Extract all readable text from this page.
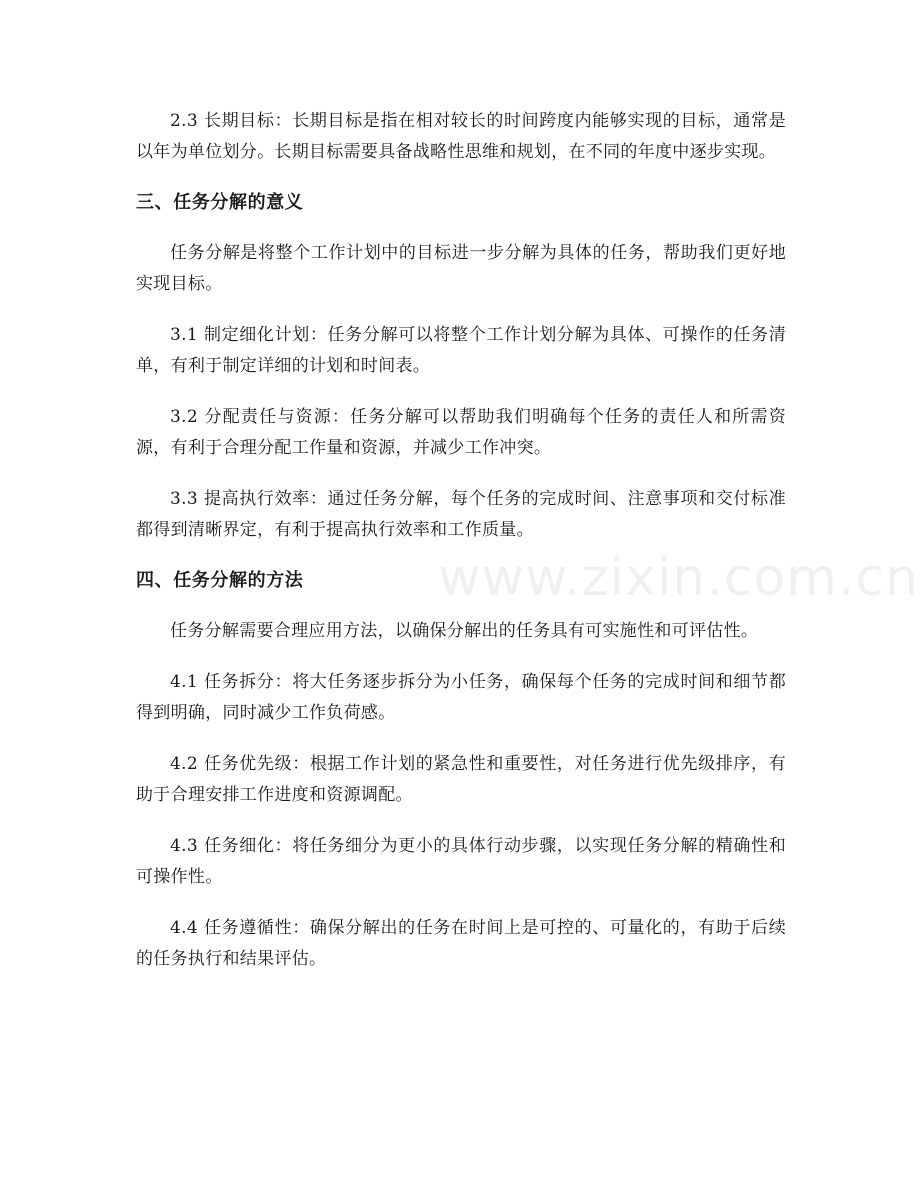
2.3 长期目标：长期目标是指在相对较长的时间跨度内能够实现的目标，通常是以年为单位划分。长期目标需要具备战略性思维和规划，在不同的年度中逐步实现。

三、任务分解的意义

任务分解是将整个工作计划中的目标进一步分解为具体的任务，帮助我们更好地实现目标。

3.1 制定细化计划：任务分解可以将整个工作计划分解为具体、可操作的任务清单，有利于制定详细的计划和时间表。

3.2 分配责任与资源：任务分解可以帮助我们明确每个任务的责任人和所需资源，有利于合理分配工作量和资源，并减少工作冲突。

3.3 提高执行效率：通过任务分解，每个任务的完成时间、注意事项和交付标准都得到清晰界定，有利于提高执行效率和工作质量。

四、任务分解的方法

任务分解需要合理应用方法，以确保分解出的任务具有可实施性和可评估性。

4.1 任务拆分：将大任务逐步拆分为小任务，确保每个任务的完成时间和细节都得到明确，同时减少工作负荷感。

4.2 任务优先级：根据工作计划的紧急性和重要性，对任务进行优先级排序，有助于合理安排工作进度和资源调配。

4.3 任务细化：将任务细分为更小的具体行动步骤，以实现任务分解的精确性和可操作性。

4.4 任务遵循性：确保分解出的任务在时间上是可控的、可量化的，有助于后续的任务执行和结果评估。

www.zixin.com.cn
